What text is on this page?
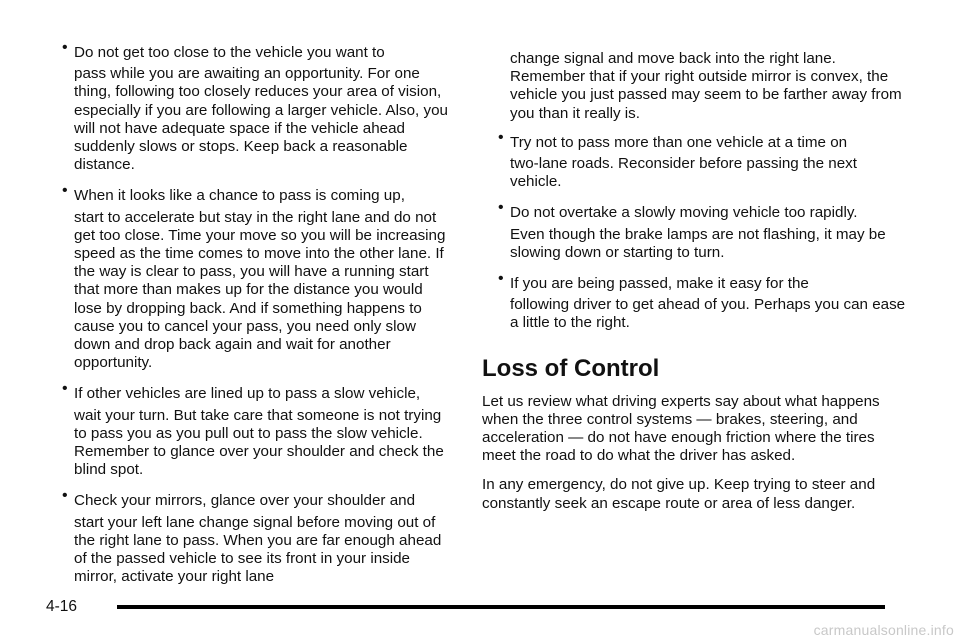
• Do not get too close to the vehicle you want to
pass while you are awaiting an opportunity. For one thing, following too closely reduces your area of vision, especially if you are following a larger vehicle. Also, you will not have adequate space if the vehicle ahead suddenly slows or stops. Keep back a reasonable distance.

• When it looks like a chance to pass is coming up,
start to accelerate but stay in the right lane and do not get too close. Time your move so you will be increasing speed as the time comes to move into the other lane. If the way is clear to pass, you will have a running start that more than makes up for the distance you would lose by dropping back. And if something happens to cause you to cancel your pass, you need only slow down and drop back again and wait for another opportunity.

• If other vehicles are lined up to pass a slow vehicle,
wait your turn. But take care that someone is not trying to pass you as you pull out to pass the slow vehicle. Remember to glance over your shoulder and check the blind spot.

• Check your mirrors, glance over your shoulder and
start your left lane change signal before moving out of the right lane to pass. When you are far enough ahead of the passed vehicle to see its front in your inside mirror, activate your right lane

change signal and move back into the right lane. Remember that if your right outside mirror is convex, the vehicle you just passed may seem to be farther away from you than it really is.

• Try not to pass more than one vehicle at a time on
two-lane roads. Reconsider before passing the next vehicle.

• Do not overtake a slowly moving vehicle too rapidly.
Even though the brake lamps are not flashing, it may be slowing down or starting to turn.

• If you are being passed, make it easy for the
following driver to get ahead of you. Perhaps you can ease a little to the right.

Loss of Control

Let us review what driving experts say about what happens when the three control systems — brakes, steering, and acceleration — do not have enough friction where the tires meet the road to do what the driver has asked.

In any emergency, do not give up. Keep trying to steer and constantly seek an escape route or area of less danger.

4-16
carmanualsonline.info
